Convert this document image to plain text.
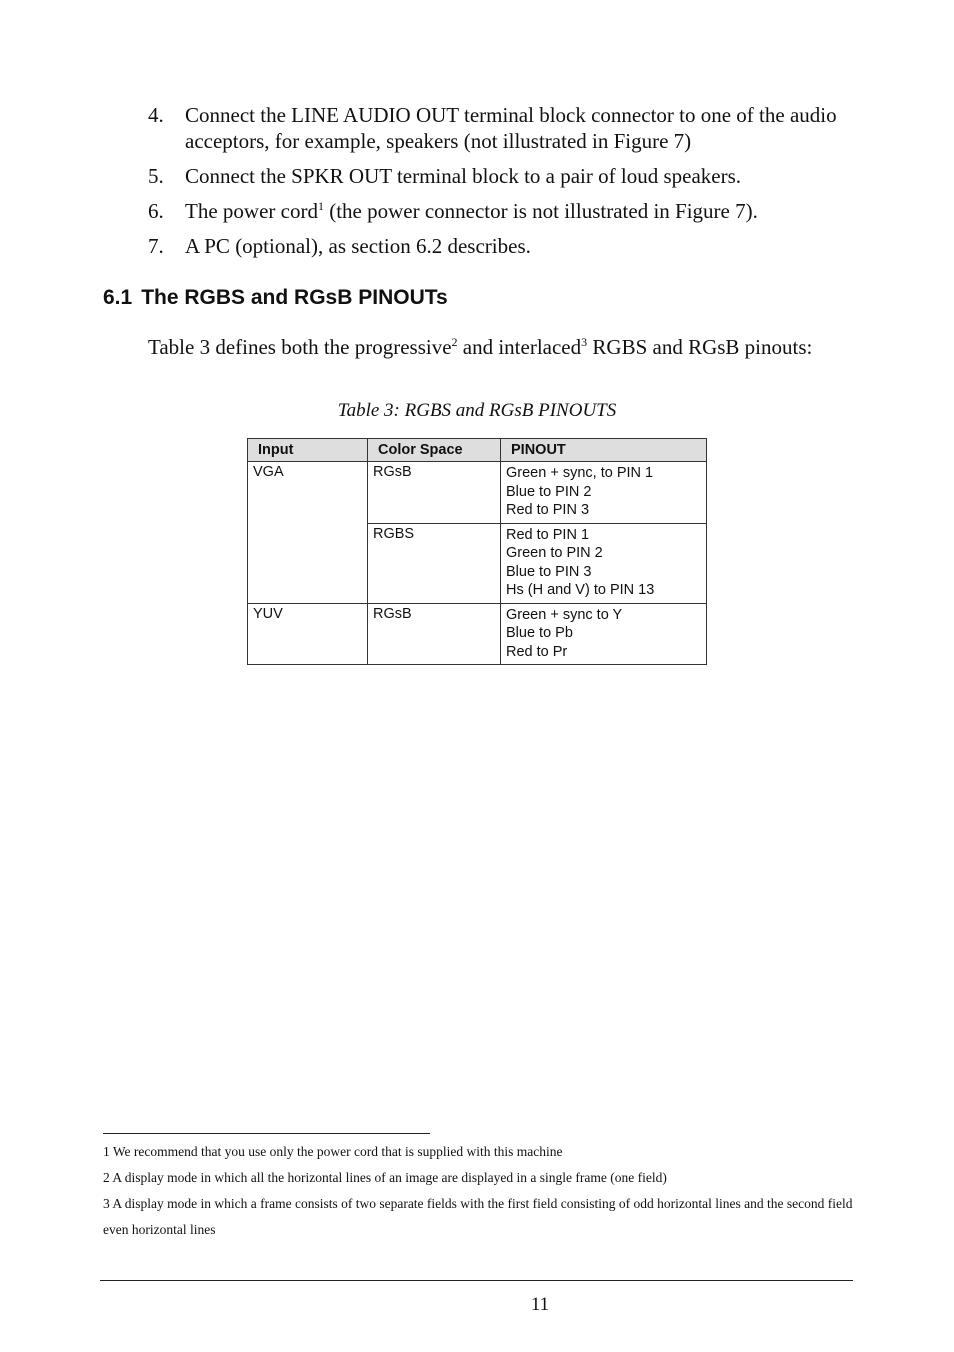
4. Connect the LINE AUDIO OUT terminal block connector to one of the audio acceptors, for example, speakers (not illustrated in Figure 7)
5. Connect the SPKR OUT terminal block to a pair of loud speakers.
6. The power cord$^1$ (the power connector is not illustrated in Figure 7).
7. A PC (optional), as section 6.2 describes.
6.1 The RGBS and RGsB PINOUTs

Table 3 defines both the progressive$^2$ and interlaced$^3$ RGBS and RGsB pinouts:

Table 3: RGBS and RGsB PINOUTS

Input	Color Space	PINOUT
VGA	RGsB	Green + sync, to PIN 1
Blue to PIN 2
Red to PIN 3

	RGBS	Red to PIN 1
Green to PIN 2
Blue to PIN 3
Hs (H and V) to PIN 13

YUV	RGsB	Green + sync to Y
Blue to Pb
Red to Pr

1 We recommend that you use only the power cord that is supplied with this machine

2 A display mode in which all the horizontal lines of an image are displayed in a single frame (one field)

3 A display mode in which a frame consists of two separate fields with the first field consisting of odd horizontal lines and the second field even horizontal lines

11
